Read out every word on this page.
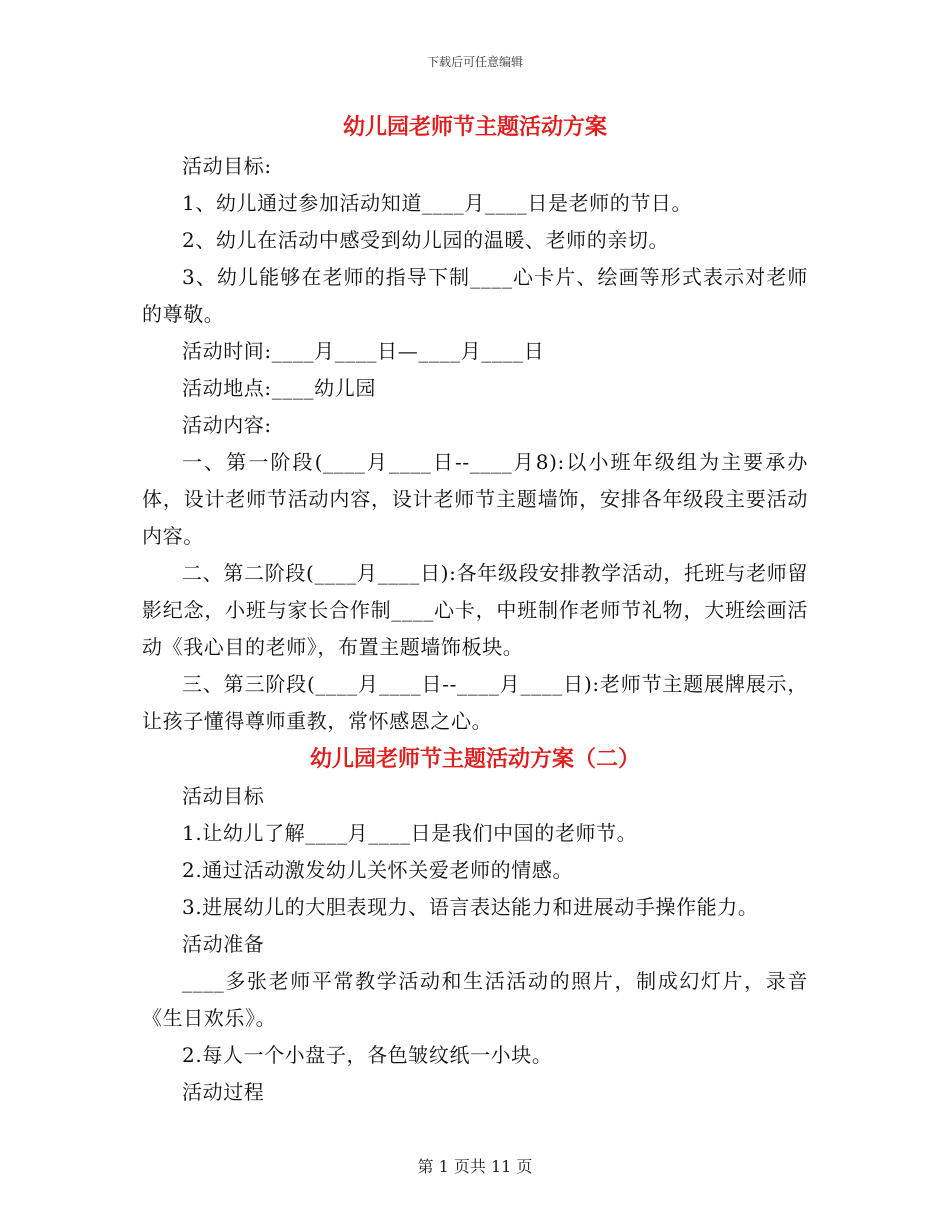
下载后可任意编辑
幼儿园老师节主题活动方案

活动目标:

1、幼儿通过参加活动知道____月____日是老师的节日。

2、幼儿在活动中感受到幼儿园的温暖、老师的亲切。

3、幼儿能够在老师的指导下制____心卡片、绘画等形式表示对老师的尊敬。

活动时间:____月____日—____月____日

活动地点:____幼儿园

活动内容:

一、第一阶段(____月____日--____月8):以小班年级组为主要承办体，设计老师节活动内容，设计老师节主题墙饰，安排各年级段主要活动内容。

二、第二阶段(____月____日):各年级段安排教学活动，托班与老师留影纪念，小班与家长合作制____心卡，中班制作老师节礼物，大班绘画活动《我心目的老师》，布置主题墙饰板块。

三、第三阶段(____月____日--____月____日):老师节主题展牌展示，让孩子懂得尊师重教，常怀感恩之心。

幼儿园老师节主题活动方案（二）

活动目标

1.让幼儿了解____月____日是我们中国的老师节。

2.通过活动激发幼儿关怀关爱老师的情感。

3.进展幼儿的大胆表现力、语言表达能力和进展动手操作能力。

活动准备

____多张老师平常教学活动和生活活动的照片，制成幻灯片，录音《生日欢乐》。

2.每人一个小盘子，各色皱纹纸一小块。

活动过程

第 1 页共 11 页
